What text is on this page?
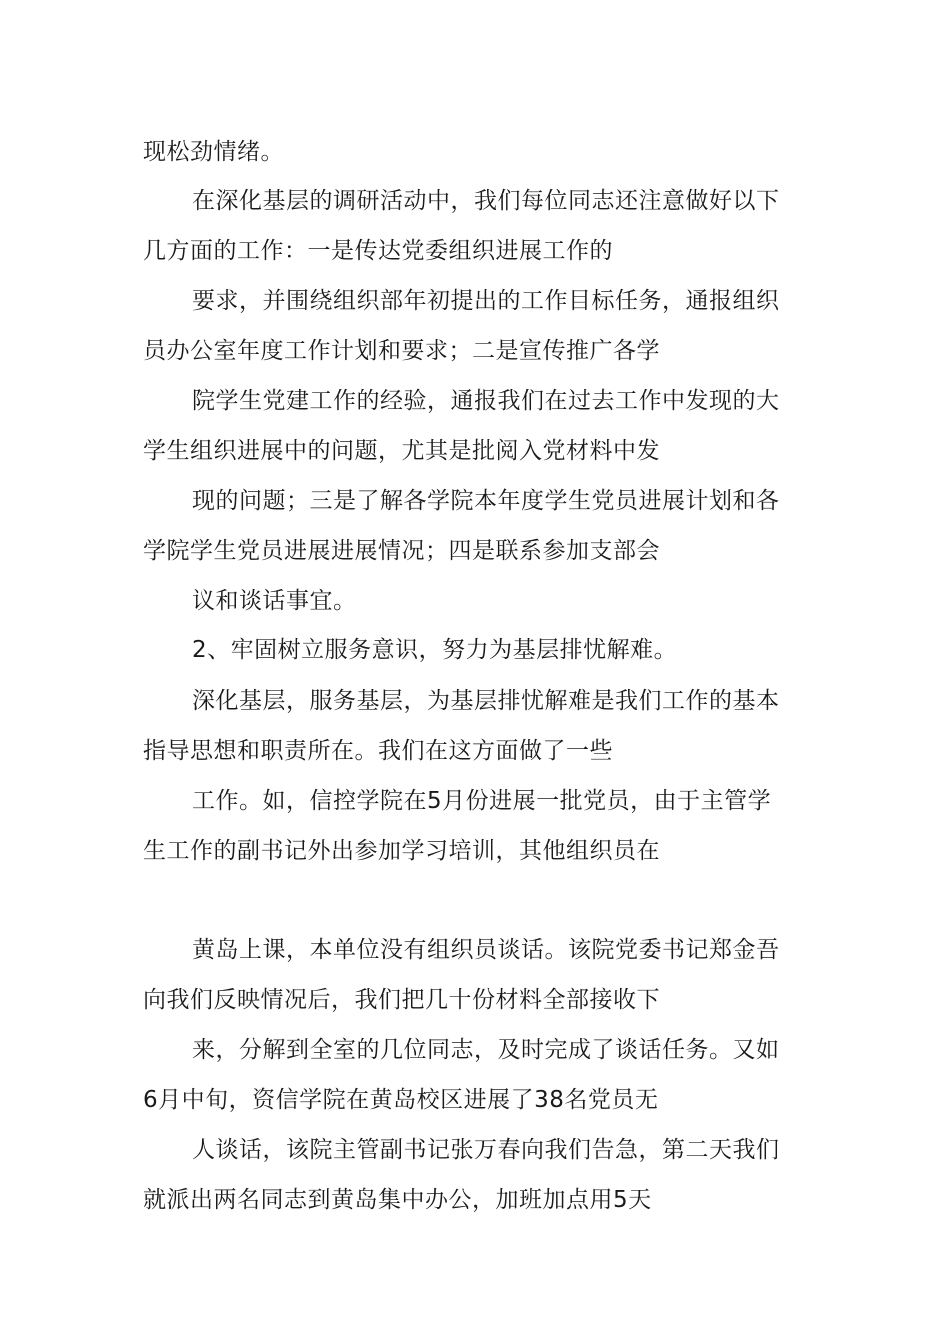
现松劲情绪。
在深化基层的调研活动中，我们每位同志还注意做好以下
几方面的工作：一是传达党委组织进展工作的
要求，并围绕组织部年初提出的工作目标任务，通报组织
员办公室年度工作计划和要求；二是宣传推广各学
院学生党建工作的经验，通报我们在过去工作中发现的大
学生组织进展中的问题，尤其是批阅入党材料中发
现的问题；三是了解各学院本年度学生党员进展计划和各
学院学生党员进展进展情况；四是联系参加支部会
议和谈话事宜。
2、牢固树立服务意识，努力为基层排忧解难。
深化基层，服务基层，为基层排忧解难是我们工作的基本
指导思想和职责所在。我们在这方面做了一些
工作。如，信控学院在5月份进展一批党员，由于主管学
生工作的副书记外出参加学习培训，其他组织员在
黄岛上课，本单位没有组织员谈话。该院党委书记郑金吾
向我们反映情况后，我们把几十份材料全部接收下
来，分解到全室的几位同志，及时完成了谈话任务。又如
6月中旬，资信学院在黄岛校区进展了38名党员无
人谈话，该院主管副书记张万春向我们告急，第二天我们
就派出两名同志到黄岛集中办公，加班加点用5天
